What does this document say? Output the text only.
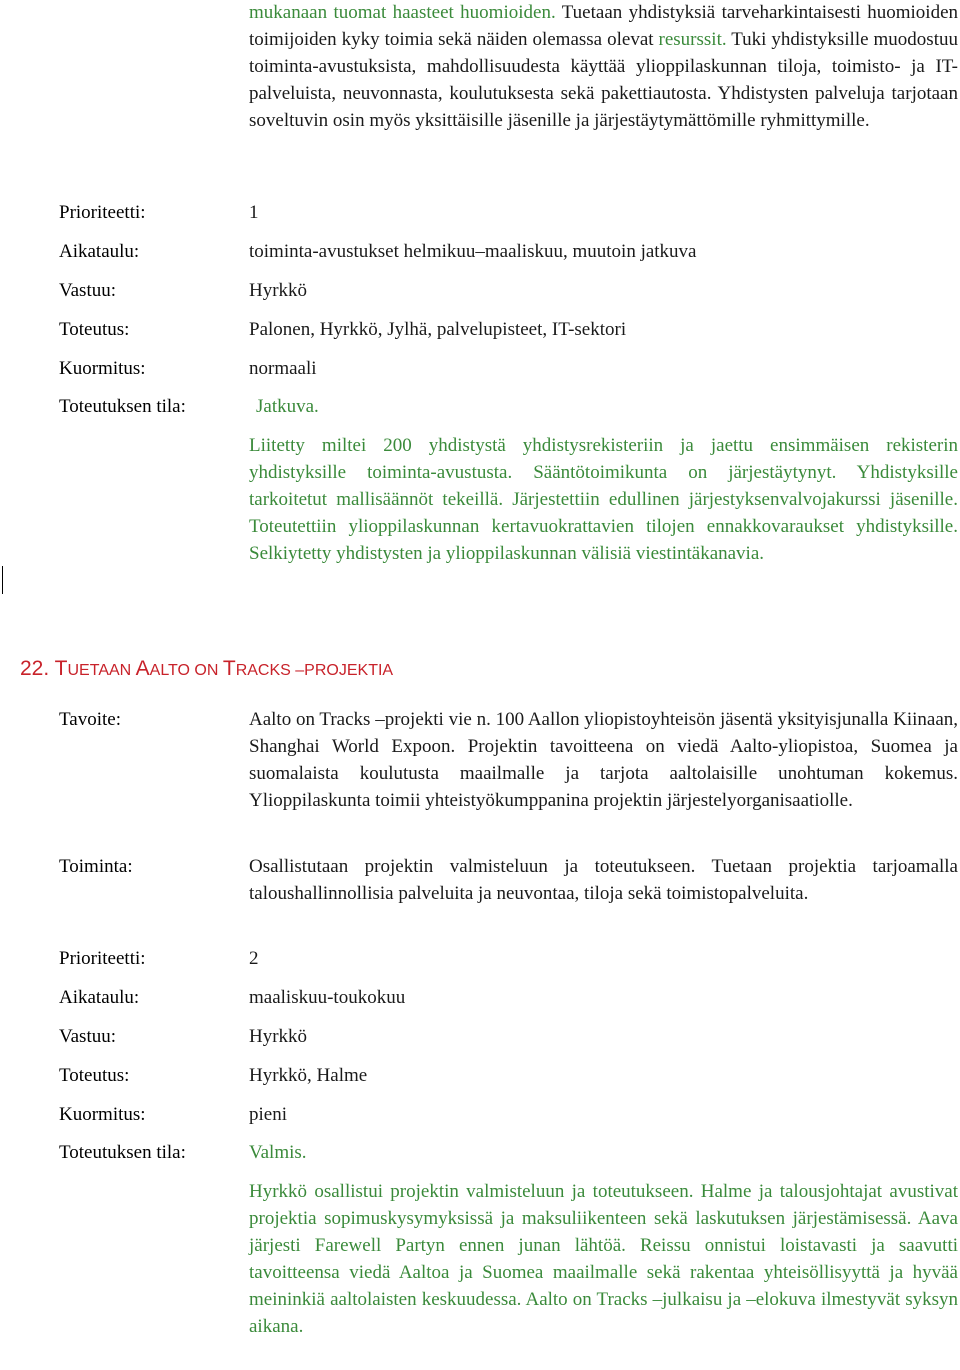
mukanaan tuomat haasteet huomioiden. Tuetaan yhdistyksiä tarveharkintaisesti huomioiden toimijoiden kyky toimia sekä näiden olemassa olevat resurssit. Tuki yhdistyksille muodostuu toiminta-avustuksista, mahdollisuudesta käyttää ylioppilaskunnan tiloja, toimisto- ja IT-palveluista, neuvonnasta, koulutuksesta sekä pakettiautosta. Yhdistysten palveluja tarjotaan soveltuvin osin myös yksittäisille jäsenille ja järjestäytymättömille ryhmittymille.
Prioriteetti:	1
Aikataulu:	toiminta-avustukset helmikuu–maaliskuu, muutoin jatkuva
Vastuu:	Hyrkkö
Toteutus:	Palonen, Hyrkkö, Jylhä, palvelupisteet, IT-sektori
Kuormitus:	normaali
Toteutuksen tila:	Jatkuva.
Liitetty miltei 200 yhdistystä yhdistysrekisteriin ja jaettu ensimmäisen rekisterin yhdistyksille toiminta-avustusta. Sääntötoimikunta on järjestäytynyt. Yhdistyksille tarkoitetut mallisäännöt tekeillä. Järjestettiin edullinen järjestyksenvalvojakurssi jäsenille. Toteutettiin ylioppilaskunnan kertavuokrattavien tilojen ennakkovaraukset yhdistyksille. Selkiytetty yhdistysten ja ylioppilaskunnan välisiä viestintäkanavia.
22. TUETAAN AALTO ON TRACKS –PROJEKTIA
Tavoite:	Aalto on Tracks –projekti vie n. 100 Aallon yliopistoyhteisön jäsentä yksityisjunalla Kiinaan, Shanghai World Expoon. Projektin tavoitteena on viedä Aalto-yliopistoa, Suomea ja suomalaista koulutusta maailmalle ja tarjota aaltolaisille unohtuman kokemus. Ylioppilaskunta toimii yhteistyökumppanina projektin järjestelyorganisaatiolle.
Toiminta:	Osallistutaan projektin valmisteluun ja toteutukseen. Tuetaan projektia tarjoamalla taloushallinnollisia palveluita ja neuvontaa, tiloja sekä toimistopalveluita.
Prioriteetti:	2
Aikataulu:	maaliskuu-toukokuu
Vastuu:	Hyrkkö
Toteutus:	Hyrkkö, Halme
Kuormitus:	pieni
Toteutuksen tila:	Valmis.
Hyrkkö osallistui projektin valmisteluun ja toteutukseen. Halme ja talousjohtajat avustivat projektia sopimuskysymyksissä ja maksuliikenteen sekä laskutuksen järjestämisessä. Aava järjesti Farewell Partyn ennen junan lähtöä. Reissu onnistui loistavasti ja saavutti tavoitteensa viedä Aaltoa ja Suomea maailmalle sekä rakentaa yhteisöllisyyttä ja hyvää meininkiä aaltolaisten keskuudessa. Aalto on Tracks –julkaisu ja –elokuva ilmestyvät syksyn aikana.
